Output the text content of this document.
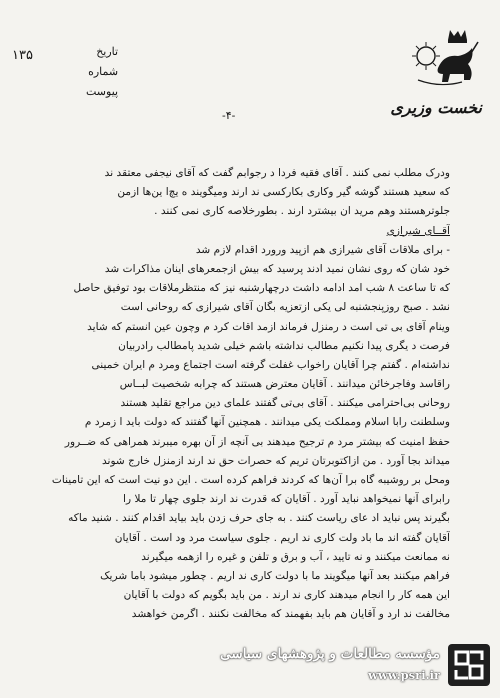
۱۳۵	تاریخ
شماره
پیوست
نخست وزیری
-۴-
ودرک مطلب نمی کنند . آقای فقیه فردا د رجوابم گفت که آقای نیجفی معتقد ند
که سعید هستند گوشه گیر وکاری بکارکسی ند ارند ومیگویند ه یچ‌ا ین‌ها ازمن
جلوترهستند وهم مرید ان بیشترد ارند . بطورخلاصه کاری نمی کنند .
آقــای شیرازی
- برای ملاقات آقای شیرازی هم ازپید ورورد اقدام لازم شد
خود شان که روی نشان نمید ادند پرسید که بیش ازجمعرهای اینان مذاکرات شد
که تا ساعت ۸ شب امد ادامه داشت درچهارشنبه نیز که منتظرملاقات بود توفیق حاصل
نشد . صبح روزپنجشنبه لی یکی ازتعزیه بگان آقای شیرازی که روحانی است
وینام آقای بی تی است د رمنزل فرماند ازمد اقات کرد م وچون عین انستم که شاید
فرصت د یگری پیدا نکنیم مطالب نداشته باشم خیلی شدید پامطالب رادربیان
نداشته‌ام . گفتم چرا آقایان راخواب غفلت گرفته است اجتماع ومرد م ایران خمینی
راقاسد وفاجرخائن میدانند . آقایان معترض هستند که چرابه شخصیت لبــاس
روحانی بی‌احترامی میکنند . آقای بی‌تی گفتند علمای دین مراجع تقلید هستند
وسلطنت رابا اسلام ومملکت یکی میدانند . همچنین آنها گفتند که دولت باید ا زمرد م
حفظ امنیت که بیشتر مرد م ترجیح میدهند بی آنچه از آن بهره میبرند همراهی که ضــرور
میداند بجا آورد . من ازاکتوبرتان تریم که حصرات حق ند ارند ازمنزل خارج شوند
ومحل بر روشیبه گاه برا آن‌ها که کردند فراهم کرده است . این دو نیت است که این تامینات
رابرای آنها نمیخواهد نباید آورد . آقایان که قدرت ند ارند جلوی چهار تا ملا را
بگیرند پس نباید اد عای ریاست کنند . به جای حرف زدن باید بیاید اقدام کنند . شنید ماکه
آقایان گفته اند ما باد ولت کاری ند اریم . جلوی سیاست مرد ود است . آقایان
نه ممانعت میکنند و نه تایید ، آب و برق و تلفن و غیره را ازهمه میگیرند
فراهم میکنند بعد آنها میگویند ما با دولت کاری ند اریم . چطور میشود باما شریک
این همه کار را انجام میدهند کاری ند ارند . من باید بگویم که دولت با آقایان
مخالفت ند ارد و آقایان هم باید بفهمند که مخالفت نکنند . اگرمن خواهشد
مؤسسه مطالعات و پژوهشهای سیاسی
www.psri.ir
